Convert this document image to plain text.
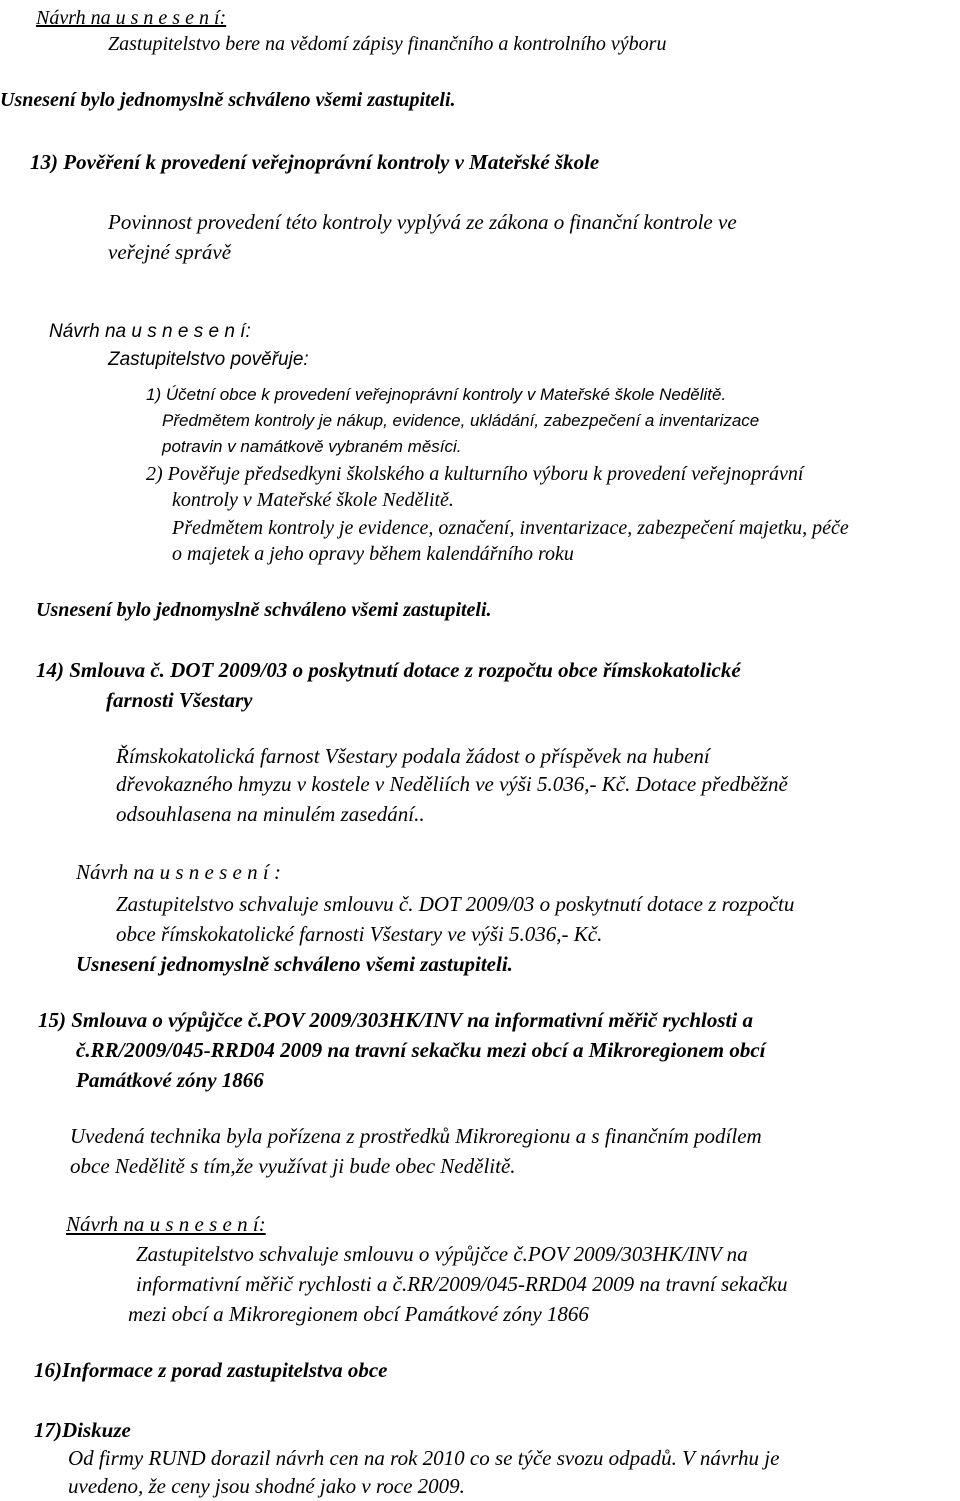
Návrh na u s n e s e n í:
Zastupitelstvo bere na vědomí zápisy finančního a kontrolního výboru
Usnesení bylo jednomyslně schváleno všemi zastupiteli.
13) Pověření k provedení veřejnoprávní kontroly v Mateřské škole
Povinnost provedení této kontroly vyplývá ze zákona o finanční kontrole ve
veřejné správě
Návrh na u s n e s e n í:
Zastupitelstvo pověřuje:
1) Účetní obce k provedení veřejnoprávní kontroly v Mateřské škole Nedělitě.
Předmětem kontroly je nákup, evidence, ukládání, zabezpečení a inventarizace
potravin v namátkově vybraném měsíci.
2) Pověřuje předsedkyni školského a kulturního výboru k provedení veřejnoprávní
kontroly v Mateřské škole Nedělitě.
Předmětem kontroly je evidence, označení, inventarizace, zabezpečení majetku, péče
o majetek a jeho opravy během kalendářního roku
Usnesení bylo jednomyslně schváleno všemi zastupiteli.
14) Smlouva č. DOT 2009/03 o poskytnutí dotace z rozpočtu obce římskokatolické
farnosti Všestary
Římskokatolická farnost Všestary podala žádost o příspěvek na hubení
dřevokazného hmyzu v kostele v Neděliích ve výši 5.036,- Kč. Dotace předběžně
odsouhlasena na minulém zasedání..
Návrh na u s n e s e n í :
Zastupitelstvo schvaluje smlouvu č. DOT 2009/03 o poskytnutí dotace z rozpočtu
obce římskokatolické farnosti Všestary ve výši 5.036,- Kč.
Usnesení jednomyslně schváleno všemi zastupiteli.
15) Smlouva o výpůjčce č.POV 2009/303HK/INV na informativní měřič rychlosti a
č.RR/2009/045-RRD04 2009 na travní sekačku mezi obcí a Mikroregionem obcí
Památkové zóny 1866
Uvedená technika byla pořízena z prostředků Mikroregionu a s finančním podílem
obce Nedělitě s tím,že využívat ji bude obec Nedělitě.
Návrh na u s n e s e n í:
Zastupitelstvo schvaluje smlouvu o výpůjčce č.POV 2009/303HK/INV na
informativní měřič rychlosti a č.RR/2009/045-RRD04 2009 na travní sekačku
mezi obcí a Mikroregionem obcí Památkové zóny 1866
16)Informace z porad zastupitelstva obce
17)Diskuze
Od firmy RUND dorazil návrh cen na rok 2010 co se týče svozu odpadů. V návrhu je
uvedeno, že ceny jsou shodné jako v roce 2009.
